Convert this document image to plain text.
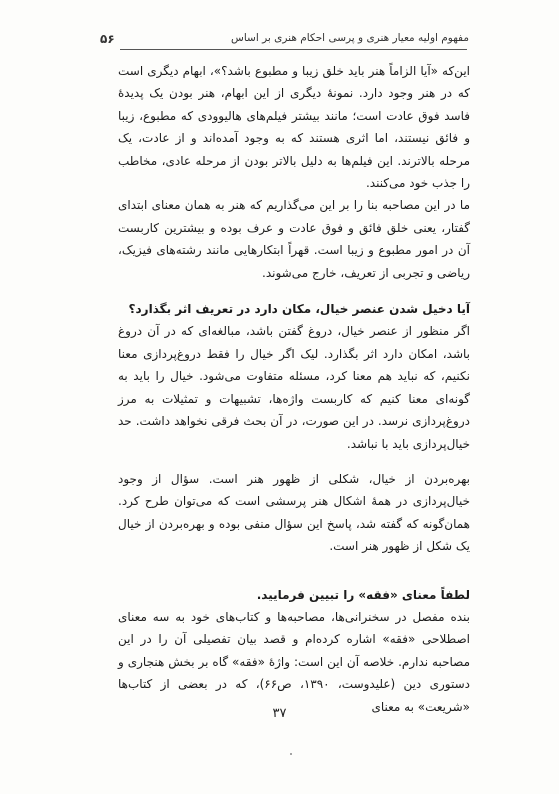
مفهوم اولیه معیار هنری و پرسی احکام هنری بر اساس
۵۶

این‌که «آیا الزاماً هنر باید خلق زیبا و مطبوع باشد؟»، ابهام دیگری است که در هنر وجود دارد. نمونهٔ دیگری از این ابهام، هنر بودن یک پدیدهٔ فاسد فوق عادت است؛ مانند بیشتر فیلم‌های هالیوودی که مطبوع، زیبا و فائق نیستند، اما اثری هستند که به وجود آمده‌اند و از عادت، یک مرحله بالاترند. این فیلم‌ها به دلیل بالاتر بودن از مرحله عادی، مخاطب را جذب خود می‌کنند.

ما در این مصاحبه بنا را بر این می‌گذاریم که هنر به همان معنای ابتدای گفتار، یعنی خلق فائق و فوق عادت و عرف بوده و بیشترین کاربست آن در امور مطبوع و زیبا است. قهراً ابتکارهایی مانند رشته‌های فیزیک، ریاضی و تجربی از تعریف، خارج می‌شوند.

آیا دخیل شدن عنصر خیال، مکان دارد در تعریف اثر بگذارد؟

اگر منظور از عنصر خیال، دروغ گفتن باشد، مبالغه‌ای که در آن دروغ باشد، امکان دارد اثر بگذارد. لیک اگر خیال را فقط دروغ‌پردازی معنا نکنیم، که نباید هم معنا کرد، مسئله متفاوت می‌شود. خیال را باید به گونه‌ای معنا کنیم که کاربست واژه‌ها، تشبیهات و تمثیلات به مرز دروغ‌پردازی نرسد. در این صورت، در آن بحث فرقی نخواهد داشت. حد خیال‌پردازی باید با نباشد.

بهره‌بردن از خیال، شکلی از ظهور هنر است. سؤال از وجود خیال‌پردازی در همهٔ اشکال هنر پرسشی است که می‌توان طرح کرد. همان‌گونه که گفته شد، پاسخ این سؤال منفی بوده و بهره‌بردن از خیال یک شکل از ظهور هنر است.

لطفاً معنای «فقه» را تبیین فرمایید.

بنده مفصل در سخنرانی‌ها، مصاحبه‌ها و کتاب‌های خود به سه معنای اصطلاحی «فقه» اشاره کرده‌ام و قصد بیان تفصیلی آن را در این مصاحبه ندارم. خلاصه آن این است: واژهٔ «فقه» گاه بر بخش هنجاری و دستوری دین (علیدوست، ۱۳۹۰، ص۶۶)، که در بعضی از کتاب‌ها «شریعت» به معنای

۳۷
